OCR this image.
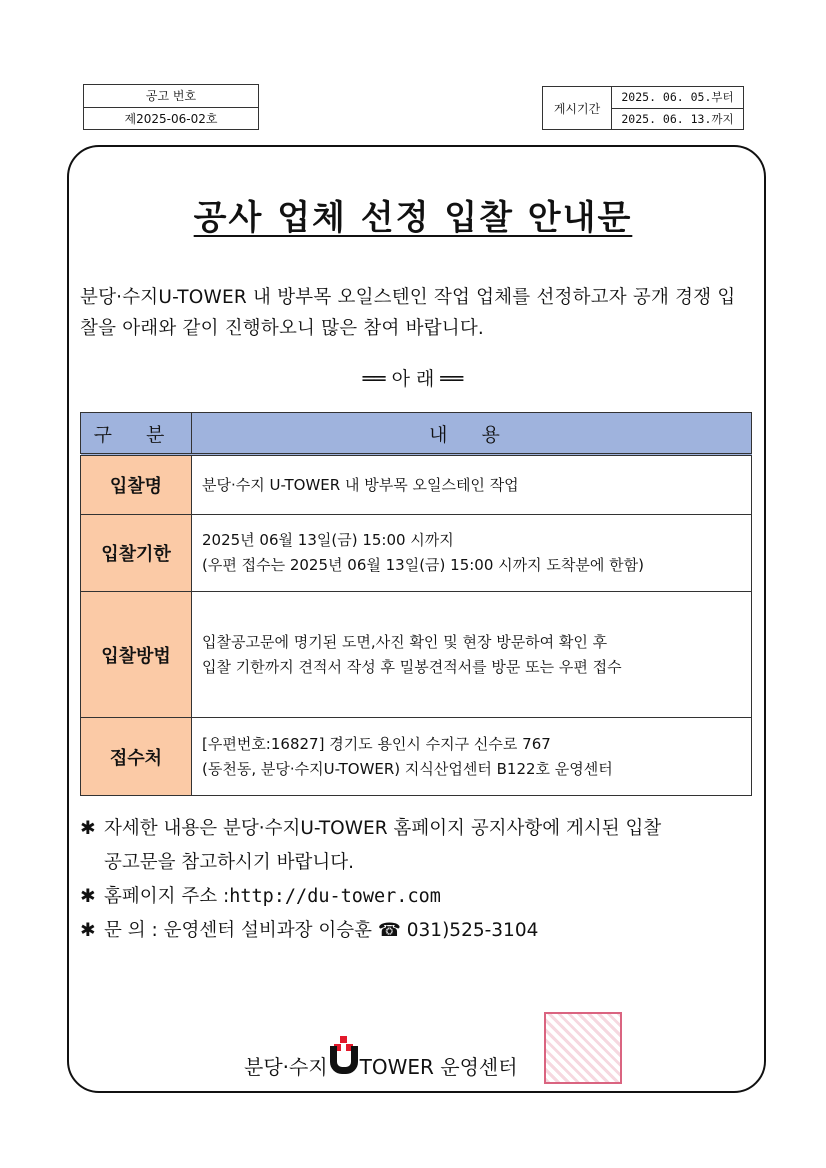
공고 번호
제2025-06-02호
게시기간
2025. 06. 05.부터
2025. 06. 13.까지
공사 업체 선정 입찰 안내문
분당·수지U-TOWER 내 방부목 오일스텐인 작업 업체를 선정하고자 공개 경쟁 입찰을 아래와 같이 진행하오니 많은 참여 바랍니다.
══ 아 래 ══
구 분	내 용
입찰명	분당·수지 U-TOWER 내 방부목 오일스테인 작업

입찰기한	2025년 06월 13일(금) 15:00 시까지
(우편 접수는 2025년 06월 13일(금) 15:00 시까지 도착분에 한함)

입찰방법	입찰공고문에 명기된 도면,사진 확인 및 현장 방문하여 확인 후
입찰 기한까지 견적서 작성 후 밀봉견적서를 방문 또는 우편 접수

접수처	[우편번호:16827] 경기도 용인시 수지구 신수로 767
(동천동, 분당·수지U-TOWER) 지식산업센터 B122호 운영센터
✱ 자세한 내용은 분당·수지U-TOWER 홈페이지 공지사항에 게시된 입찰
공고문을 참고하시기 바랍니다.
✱ 홈페이지 주소 : http://du-tower.com
✱ 문 의 : 운영센터 설비과장 이승훈 ☎ 031)525-3104
분당·수지 TOWER 운영센터
